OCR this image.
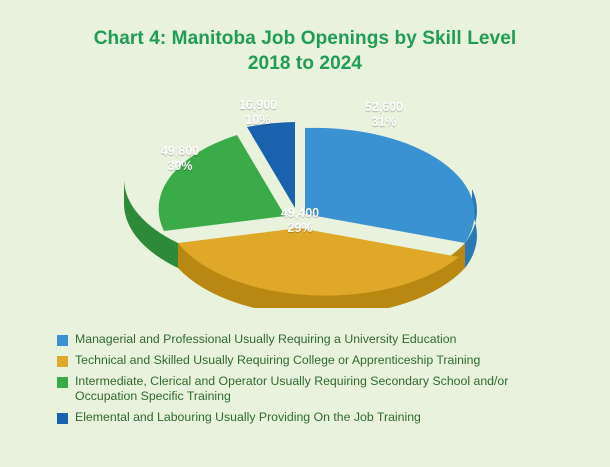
Chart 4: Manitoba Job Openings by Skill Level
2018 to 2024
52,600
31%
49,400
29%
49,800
30%
16,900
10%
Managerial and Professional Usually Requiring a University Education
Technical and Skilled Usually Requiring College or Apprenticeship Training
Intermediate, Clerical and Operator Usually Requiring Secondary School and/or Occupation Specific Training
Elemental and Labouring Usually Providing On the Job Training
